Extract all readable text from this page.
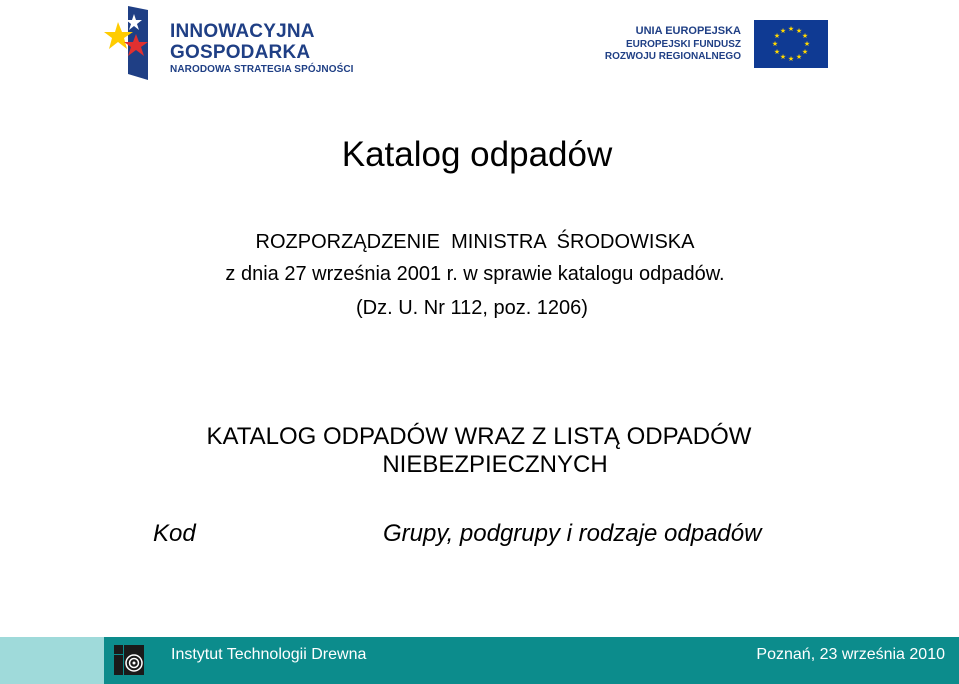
INNOWACYJNA
GOSPODARKA
NARODOWA STRATEGIA SPÓJNOŚCI
UNIA EUROPEJSKA
EUROPEJSKI FUNDUSZ
ROZWOJU REGIONALNEGO
★ ★
★
★
★
★
★
★
★
★
★
★
Katalog odpadów
ROZPORZĄDZENIE  MINISTRA  ŚRODOWISKA
z dnia 27 września 2001 r. w sprawie katalogu odpadów.
(Dz. U. Nr 112, poz. 1206)
KATALOG ODPADÓW WRAZ Z LISTĄ ODPADÓW
NIEBEZPIECZNYCH
Kod	Grupy, podgrupy i rodzaje odpadów
Instytut Technologii Drewna	Poznań, 23 września 2010
